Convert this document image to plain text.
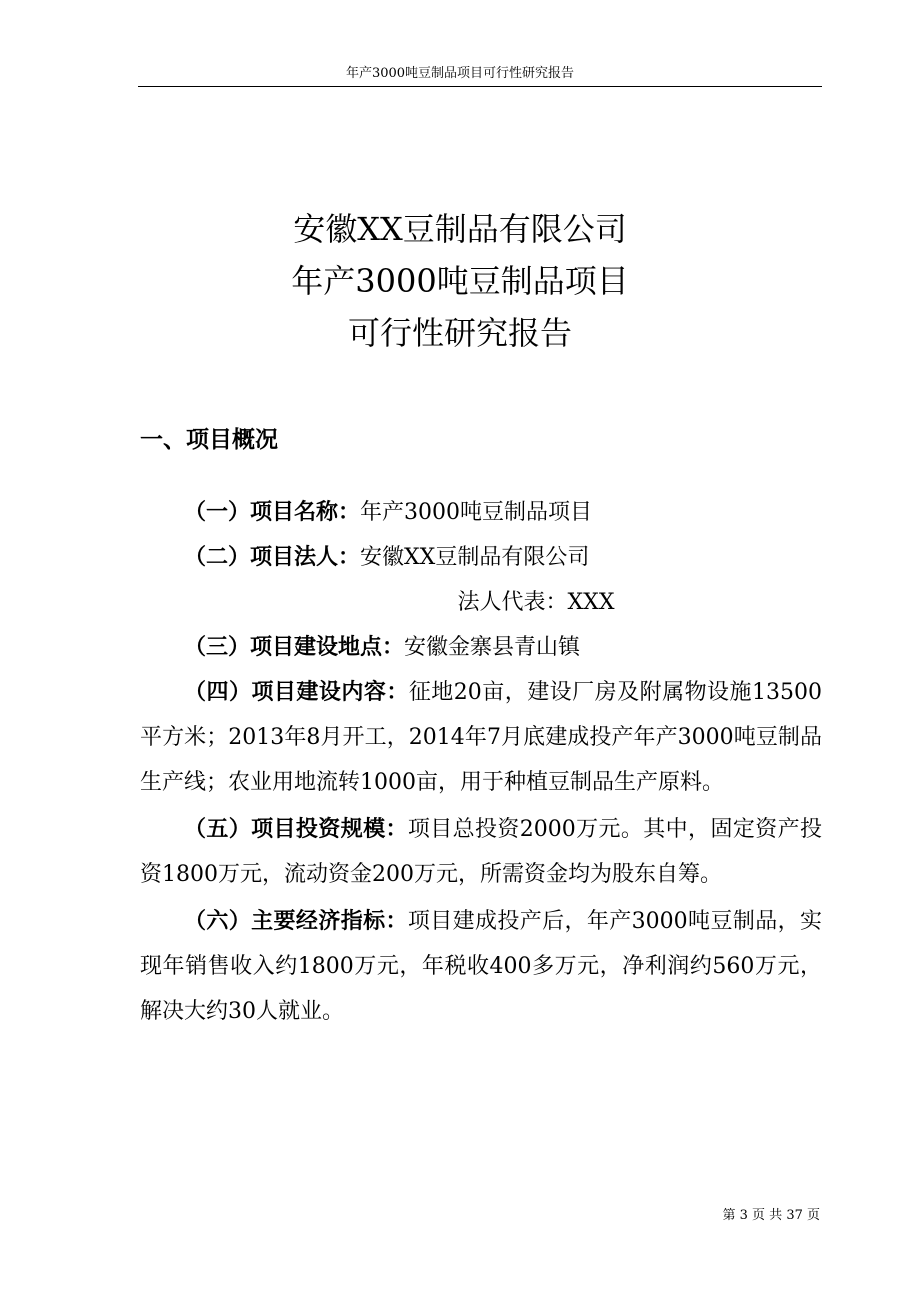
年产3000吨豆制品项目可行性研究报告
安徽XX豆制品有限公司
年产3000吨豆制品项目
可行性研究报告
一、项目概况

（一）项目名称：年产3000吨豆制品项目

（二）项目法人：安徽XX豆制品有限公司

法人代表：XXX

（三）项目建设地点：安徽金寨县青山镇

（四）项目建设内容：征地20亩，建设厂房及附属物设施13500平方米；2013年8月开工，2014年7月底建成投产年产3000吨豆制品生产线；农业用地流转1000亩，用于种植豆制品生产原料。

（五）项目投资规模：项目总投资2000万元。其中，固定资产投资1800万元，流动资金200万元，所需资金均为股东自筹。

（六）主要经济指标：项目建成投产后，年产3000吨豆制品，实现年销售收入约1800万元，年税收400多万元，净利润约560万元，解决大约30人就业。

第 3 页 共 37 页
